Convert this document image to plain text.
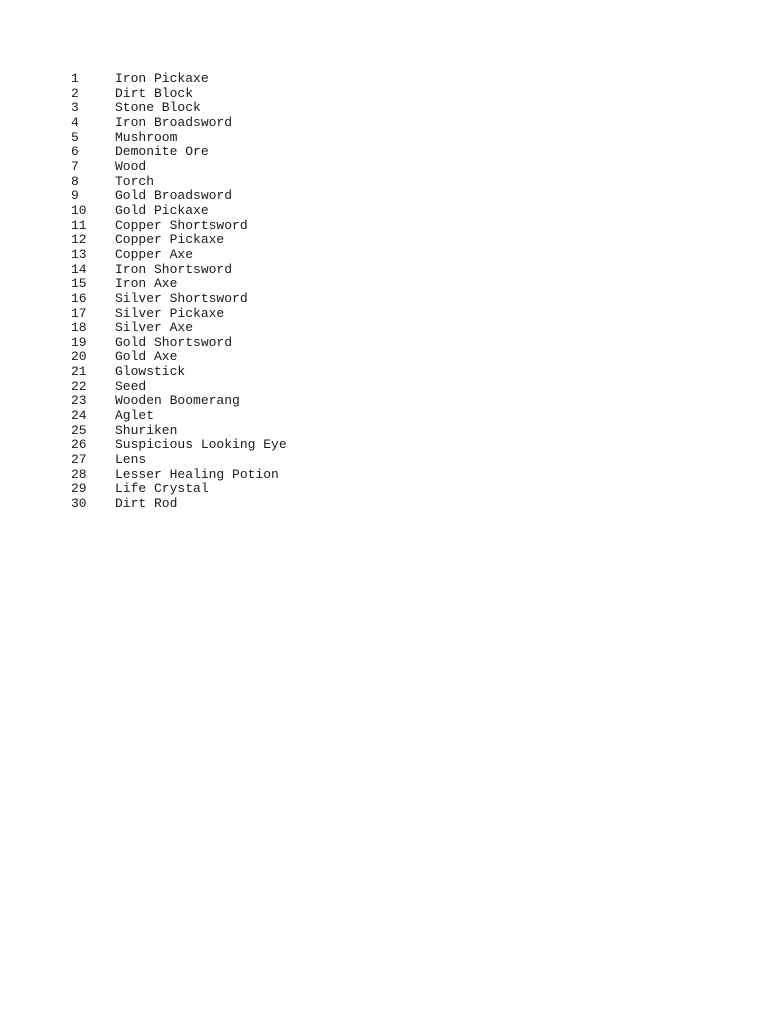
1	Iron Pickaxe
2	Dirt Block
3	Stone Block
4	Iron Broadsword
5	Mushroom
6	Demonite Ore
7	Wood
8	Torch
9	Gold Broadsword
10	Gold Pickaxe
11	Copper Shortsword
12	Copper Pickaxe
13	Copper Axe
14	Iron Shortsword
15	Iron Axe
16	Silver Shortsword
17	Silver Pickaxe
18	Silver Axe
19	Gold Shortsword
20	Gold Axe
21	Glowstick
22	Seed
23	Wooden Boomerang
24	Aglet
25	Shuriken
26	Suspicious Looking Eye
27	Lens
28	Lesser Healing Potion
29	Life Crystal
30	Dirt Rod
